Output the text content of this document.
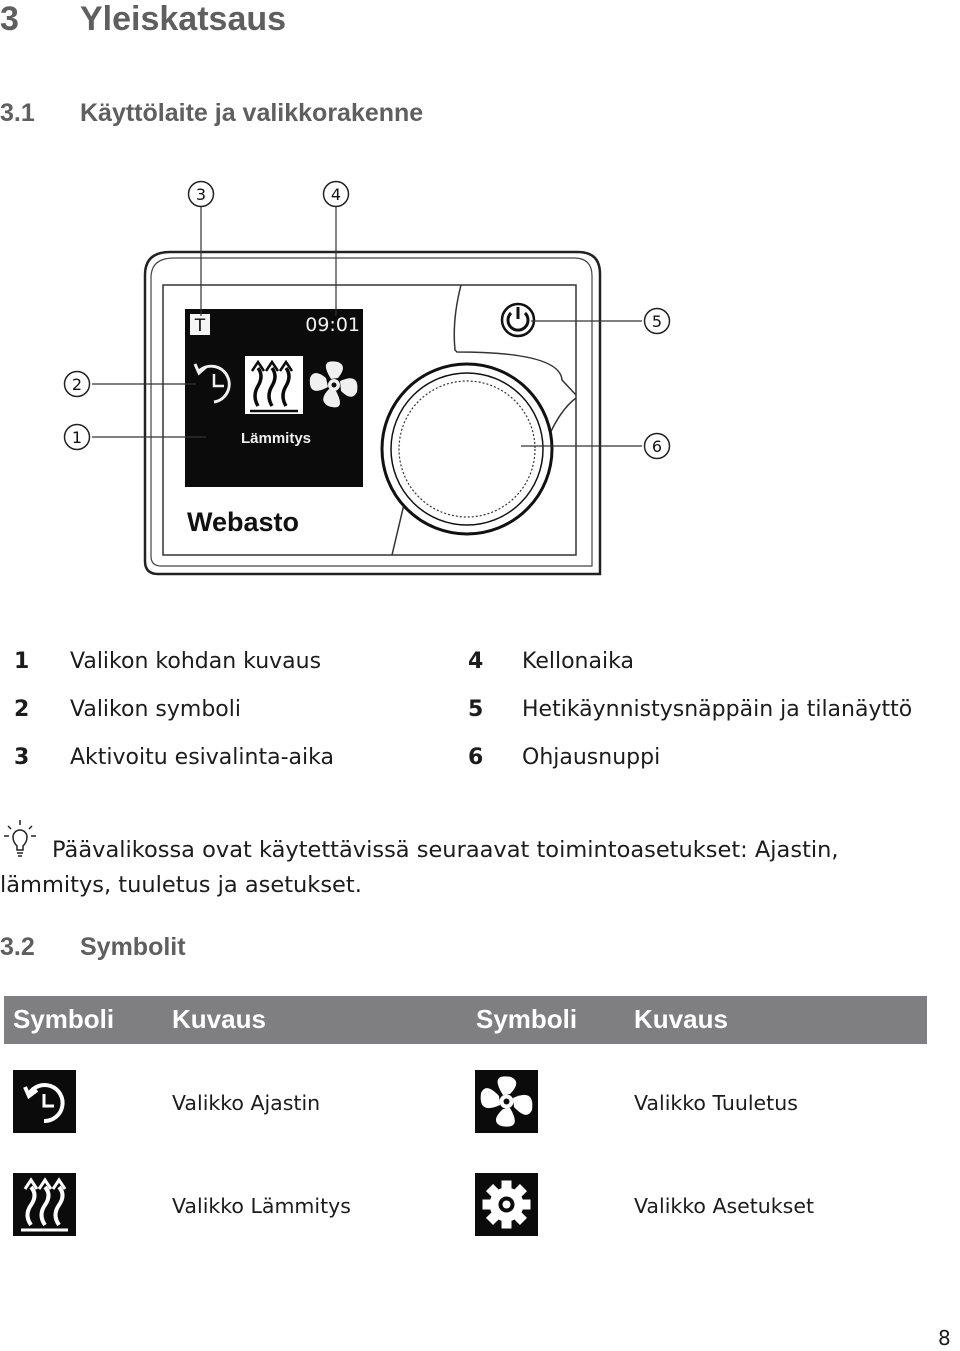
3 Yleiskatsaus
3.1 Käyttölaite ja valikkorakenne
T	09:01
Lämmitys
Webasto
3	4
2
1
5
6
1 Valikon kohdan kuvaus
2 Valikon symboli
3 Aktivoitu esivalinta-aika
4 Kellonaika
5 Hetikäynnistysnäppäin ja tilanäyttö
6 Ohjausnuppi
Päävalikossa ovat käytettävissä seuraavat toimintoasetukset: Ajastin, lämmitys, tuuletus ja asetukset.
3.2 Symbolit
Symboli Kuvaus	Symboli Kuvaus
Valikko Ajastin	Valikko Tuuletus
Valikko Lämmitys	Valikko Asetukset
8
